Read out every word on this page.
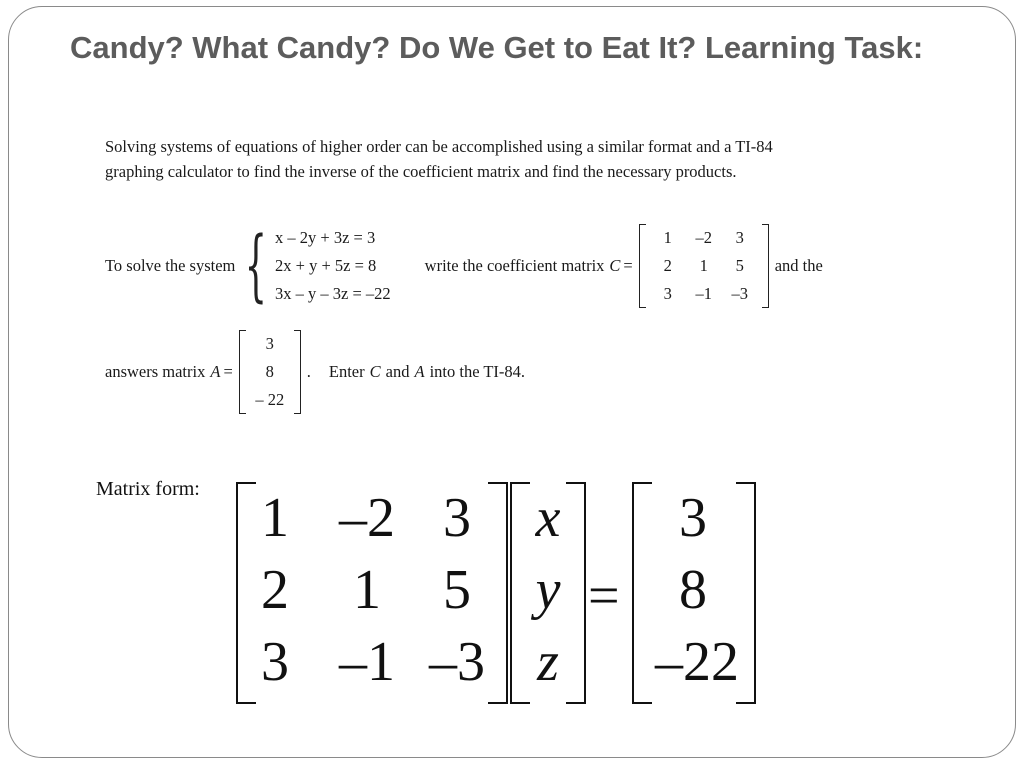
Candy? What Candy? Do We Get to Eat It? Learning Task:

Solving systems of equations of higher order can be accomplished using a similar format and a TI-84 graphing calculator to find the inverse of the coefficient matrix and find the necessary products.

To solve the system { x – 2y + 3z = 3
2x + y + 5z = 8
3x – y – 3z = –22
write the coefficient matrix C =
1	–2	3
2	1	5
3	–1	–3
and the
answers matrix A =
3
8
– 22
. Enter C and A into the TI-84.
Matrix form:	1 –2 3
2	1	5
3 –1 –3
x
y
z
=
3
8
–22
